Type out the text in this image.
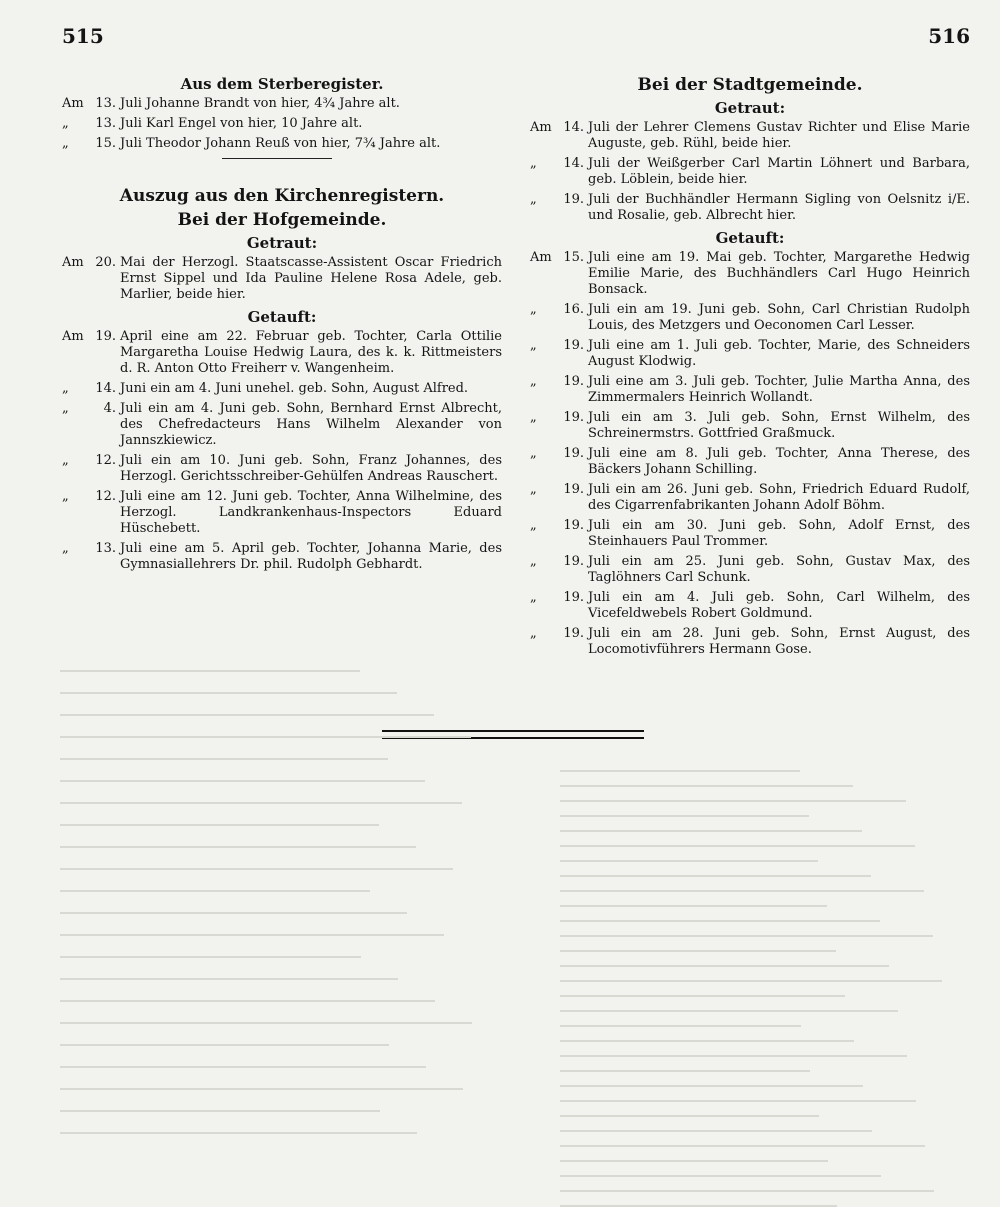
515	516
Aus dem Sterberegister.
Am 13. Juli Johanne Brandt von hier, 4¾ Jahre alt.
„ 13. Juli Karl Engel von hier, 10 Jahre alt.
„ 15. Juli Theodor Johann Reuß von hier, 7¾ Jahre alt.
Auszug aus den Kirchenregistern.
Bei der Hofgemeinde.
Getraut:
Am 20. Mai der Herzogl. Staatscasse-Assistent Oscar Friedrich Ernst Sippel und Ida Pauline Helene Rosa Adele, geb. Marlier, beide hier.
Getauft:
Am 19. April eine am 22. Februar geb. Tochter, Carla Ottilie Margaretha Louise Hedwig Laura, des k. k. Rittmeisters d. R. Anton Otto Freiherr v. Wangenheim.
„ 14. Juni ein am 4. Juni unehel. geb. Sohn, August Alfred.
„	4. Juli ein am 4. Juni geb. Sohn, Bernhard Ernst Albrecht, des Chefredacteurs Hans Wilhelm Alexander von Jannszkiewicz.
„ 12. Juli ein am 10. Juni geb. Sohn, Franz Johannes, des Herzogl. Gerichtsschreiber-Gehülfen Andreas Rauschert.
„ 12. Juli eine am 12. Juni geb. Tochter, Anna Wilhelmine, des Herzogl. Landkrankenhaus-Inspectors Eduard Hüschebett.
„ 13. Juli eine am 5. April geb. Tochter, Johanna Marie, des Gymnasiallehrers Dr. phil. Rudolph Gebhardt.
Bei der Stadtgemeinde.
Getraut:
Am 14. Juli der Lehrer Clemens Gustav Richter und Elise Marie Auguste, geb. Rühl, beide hier.
„ 14. Juli der Weißgerber Carl Martin Löhnert und Barbara, geb. Löblein, beide hier.
„ 19. Juli der Buchhändler Hermann Sigling von Oelsnitz i/E. und Rosalie, geb. Albrecht hier.
Getauft:
Am 15. Juli eine am 19. Mai geb. Tochter, Margarethe Hedwig Emilie Marie, des Buchhändlers Carl Hugo Heinrich Bonsack.
„ 16. Juli ein am 19. Juni geb. Sohn, Carl Christian Rudolph Louis, des Metzgers und Oeconomen Carl Lesser.
„ 19. Juli eine am 1. Juli geb. Tochter, Marie, des Schneiders August Klodwig.
„ 19. Juli eine am 3. Juli geb. Tochter, Julie Martha Anna, des Zimmermalers Heinrich Wollandt.
„ 19. Juli ein am 3. Juli geb. Sohn, Ernst Wilhelm, des Schreinermstrs. Gottfried Graßmuck.
„ 19. Juli eine am 8. Juli geb. Tochter, Anna Therese, des Bäckers Johann Schilling.
„ 19. Juli ein am 26. Juni geb. Sohn, Friedrich Eduard Rudolf, des Cigarrenfabrikanten Johann Adolf Böhm.
„ 19. Juli ein am 30. Juni geb. Sohn, Adolf Ernst, des Steinhauers Paul Trommer.
„ 19. Juli ein am 25. Juni geb. Sohn, Gustav Max, des Taglöhners Carl Schunk.
„ 19. Juli ein am 4. Juli geb. Sohn, Carl Wilhelm, des Vicefeldwebels Robert Goldmund.
„ 19. Juli ein am 28. Juni geb. Sohn, Ernst August, des Locomotivführers Hermann Gose.
